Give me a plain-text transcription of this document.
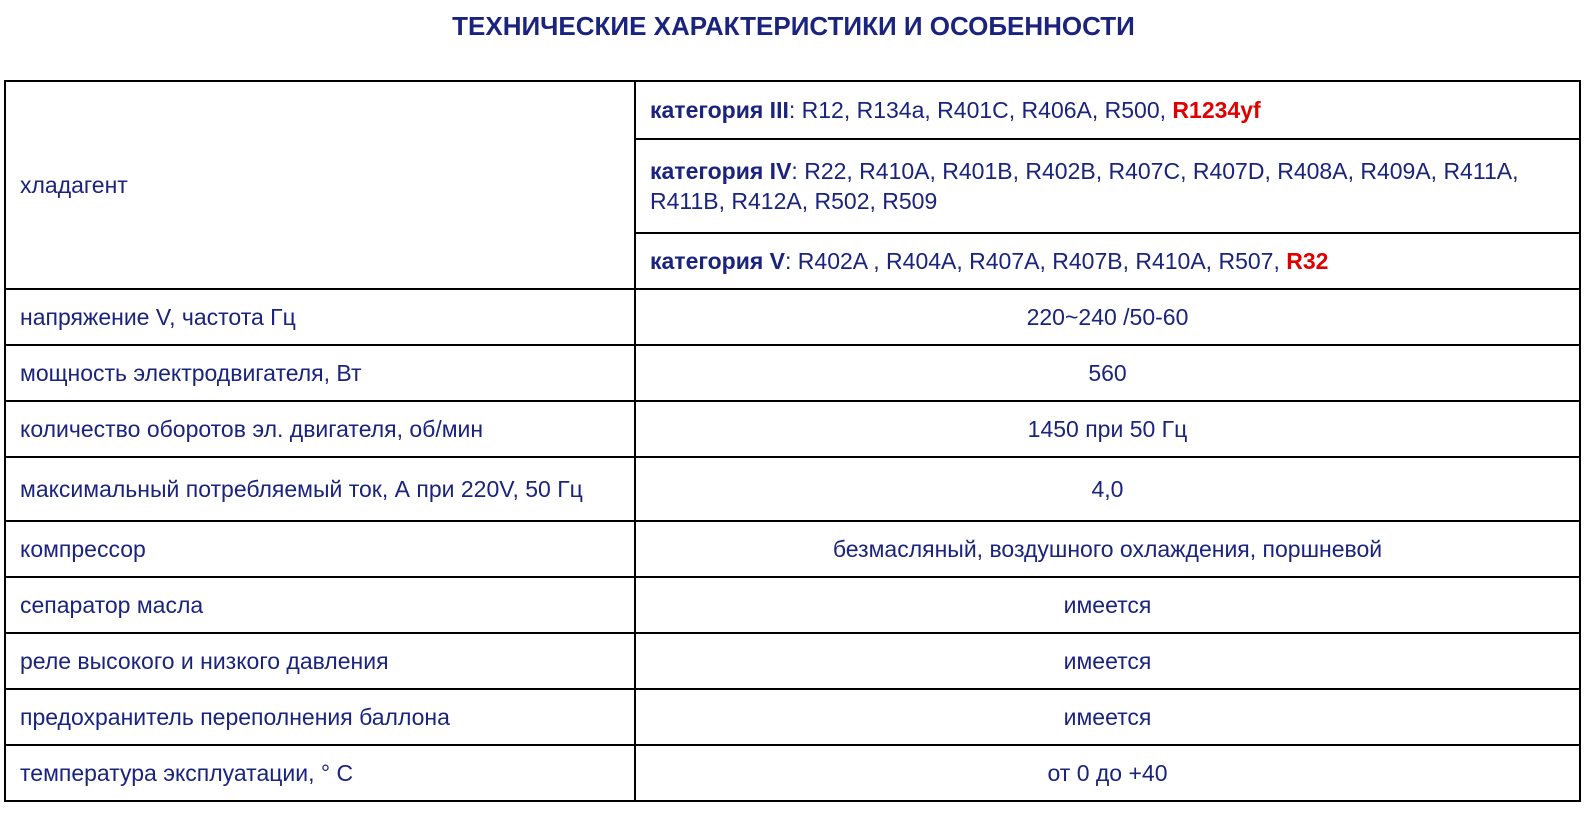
ТЕХНИЧЕСКИЕ ХАРАКТЕРИСТИКИ И ОСОБЕННОСТИ
хладагент	категория III: R12, R134a, R401C, R406A, R500, R1234yf
	категория IV: R22, R410A, R401B, R402B, R407C, R407D, R408A, R409A, R411A, R411B, R412A, R502, R509
	категория V: R402A , R404A, R407A, R407B, R410A, R507, R32
напряжение V, частота Гц	220~240 /50-60
мощность электродвигателя, Вт	560
количество оборотов эл. двигателя, об/мин	1450 при 50 Гц
максимальный потребляемый ток, А при 220V, 50 Гц	4,0
компрессор	безмасляный, воздушного охлаждения, поршневой
сепаратор масла	имеется
реле высокого и низкого давления	имеется
предохранитель переполнения баллона	имеется
температура эксплуатации, ° С	от 0 до +40
